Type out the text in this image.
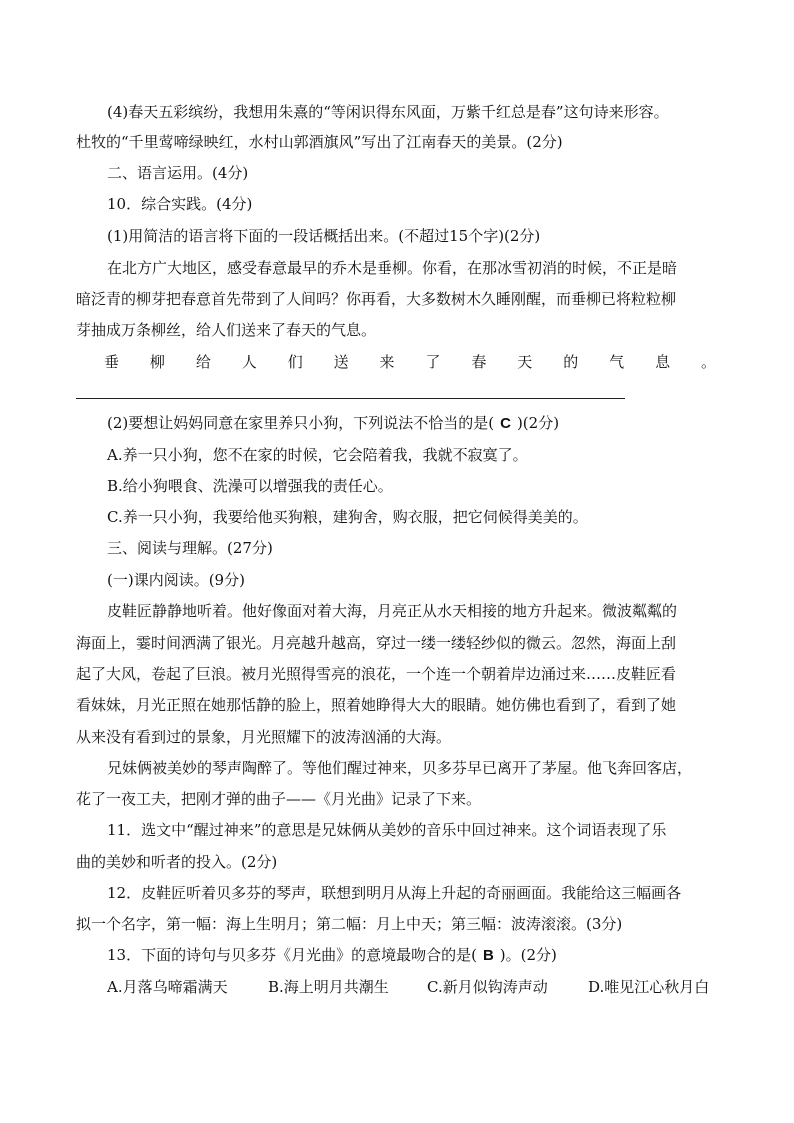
(4)春天五彩缤纷，我想用朱熹的“等闲识得东风面，万紫千红总是春”这句诗来形容。
杜牧的“千里莺啼绿映红，水村山郭酒旗风”写出了江南春天的美景。(2分)
二、语言运用。(4分)
10．综合实践。(4分)
(1)用简洁的语言将下面的一段话概括出来。(不超过15个字)(2分)
在北方广大地区，感受春意最早的乔木是垂柳。你看，在那冰雪初消的时候，不正是暗
暗泛青的柳芽把春意首先带到了人间吗？你再看，大多数树木久睡刚醒，而垂柳已将粒粒柳
芽抽成万条柳丝，给人们送来了春天的气息。
垂 柳 给 人 们 送 来 了 春 天 的 气 息 。
(2)要想让妈妈同意在家里养只小狗，下列说法不恰当的是( C )(2分)
A.养一只小狗，您不在家的时候，它会陪着我，我就不寂寞了。
B.给小狗喂食、洗澡可以增强我的责任心。
C.养一只小狗，我要给他买狗粮，建狗舍，购衣服，把它伺候得美美的。
三、阅读与理解。(27分)
(一)课内阅读。(9分)
皮鞋匠静静地听着。他好像面对着大海，月亮正从水天相接的地方升起来。微波粼粼的
海面上，霎时间洒满了银光。月亮越升越高，穿过一缕一缕轻纱似的微云。忽然，海面上刮
起了大风，卷起了巨浪。被月光照得雪亮的浪花，一个连一个朝着岸边涌过来……皮鞋匠看
看妹妹，月光正照在她那恬静的脸上，照着她睁得大大的眼睛。她仿佛也看到了，看到了她
从来没有看到过的景象，月光照耀下的波涛汹涌的大海。
兄妹俩被美妙的琴声陶醉了。等他们醒过神来，贝多芬早已离开了茅屋。他飞奔回客店，
花了一夜工夫，把刚才弹的曲子——《月光曲》记录了下来。
11．选文中“醒过神来”的意思是兄妹俩从美妙的音乐中回过神来。这个词语表现了乐
曲的美妙和听者的投入。(2分)
12．皮鞋匠听着贝多芬的琴声，联想到明月从海上升起的奇丽画面。我能给这三幅画各
拟一个名字，第一幅：海上生明月；第二幅：月上中天；第三幅：波涛滚滚。(3分)
13．下面的诗句与贝多芬《月光曲》的意境最吻合的是( B )。(2分)
A.月落乌啼霜满天	B.海上明月共潮生	C.新月似钩涛声动	D.唯见江心秋月白
